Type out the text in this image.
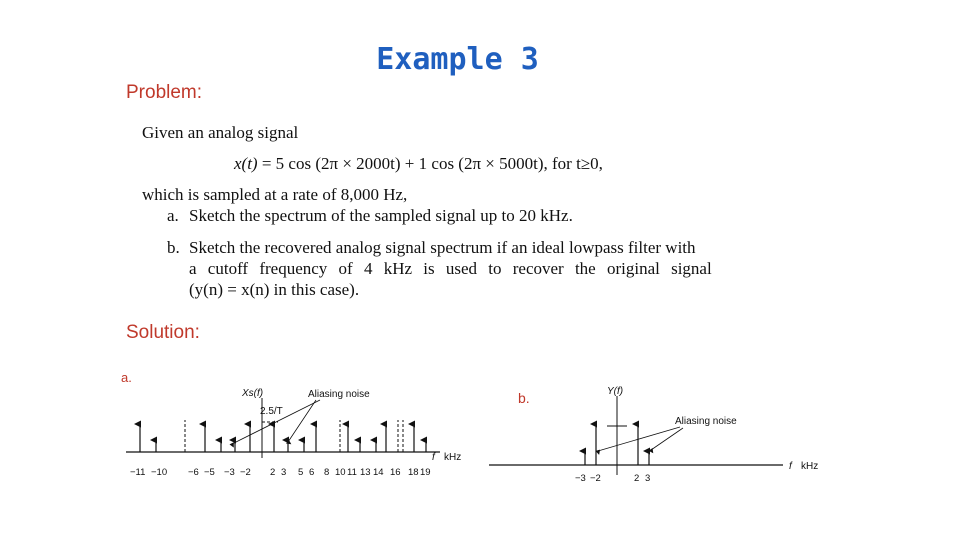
Example 3
Problem:
Given an analog signal
x(t) = 5 cos (2π × 2000t) + 1 cos (2π × 5000t), for t≥0,
which is sampled at a rate of 8,000 Hz,
a. Sketch the spectrum of the sampled signal up to 20 kHz.
b. Sketch the recovered analog signal spectrum if an ideal lowpass filter with
a cutoff frequency of 4 kHz is used to recover the original signal
(y(n) = x(n) in this case).
Solution:
a.
b.
Xs(f)
2.5/T
Aliasing noise
f kHz
−11 −10 −6 −5 −3 −2 2 3 5 6 8 10 11 13 14 16 18 19
Y(f)
Aliasing noise
f kHz
−3 −2	2 3
